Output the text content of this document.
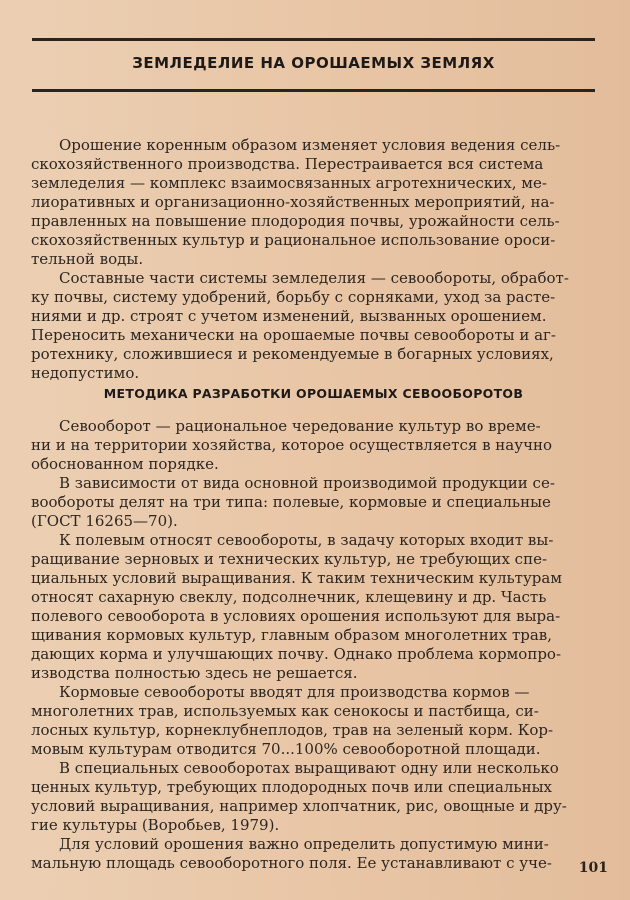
ЗЕМЛЕДЕЛИЕ НА ОРОШАЕМЫХ ЗЕМЛЯХ
Орошение коренным образом изменяет условия ведения сель-
скохозяйственного производства. Перестраивается вся система
земледелия — комплекс взаимосвязанных агротехнических, ме-
лиоративных и организационно-хозяйственных мероприятий, на-
правленных на повышение плодородия почвы, урожайности сель-
скохозяйственных культур и рациональное использование ороси-
тельной воды.
Составные части системы земледелия — севообороты, обработ-
ку почвы, систему удобрений, борьбу с сорняками, уход за расте-
ниями и др. строят с учетом изменений, вызванных орошением.
Переносить механически на орошаемые почвы севообороты и аг-
ротехнику, сложившиеся и рекомендуемые в богарных условиях,
недопустимо.
МЕТОДИКА РАЗРАБОТКИ ОРОШАЕМЫХ СЕВООБОРОТОВ
Севооборот — рациональное чередование культур во време-
ни и на территории хозяйства, которое осуществляется в научно
обоснованном порядке.
В зависимости от вида основной производимой продукции се-
вообороты делят на три типа: полевые, кормовые и специальные
(ГОСТ 16265—70).
К полевым относят севообороты, в задачу которых входит вы-
ращивание зерновых и технических культур, не требующих спе-
циальных условий выращивания. К таким техническим культурам
относят сахарную свеклу, подсолнечник, клещевину и др. Часть
полевого севооборота в условиях орошения используют для выра-
щивания кормовых культур, главным образом многолетних трав,
дающих корма и улучшающих почву. Однако проблема кормопро-
изводства полностью здесь не решается.
Кормовые севообороты вводят для производства кормов —
многолетних трав, используемых как сенокосы и пастбища, си-
лосных культур, корнеклубнеплодов, трав на зеленый корм. Кор-
мовым культурам отводится 70...100% севооборотной площади.
В специальных севооборотах выращивают одну или несколько
ценных культур, требующих плодородных почв или специальных
условий выращивания, например хлопчатник, рис, овощные и дру-
гие культуры (Воробьев, 1979).
Для условий орошения важно определить допустимую мини-
мальную площадь севооборотного поля. Ее устанавливают с уче-	101
